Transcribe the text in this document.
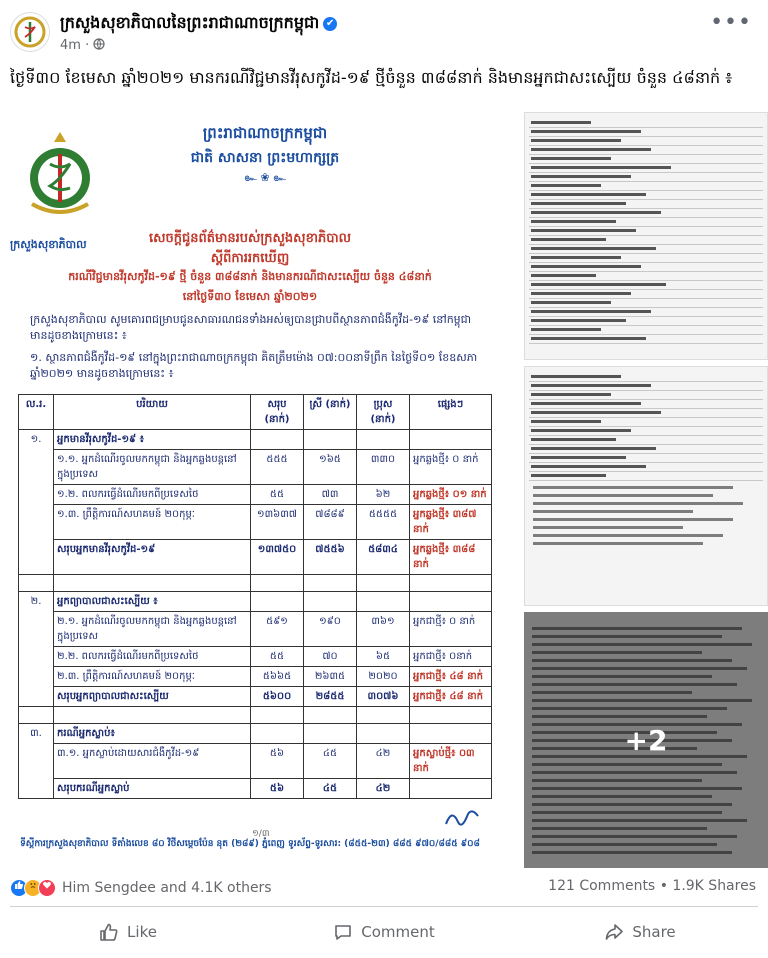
ក្រសួងសុខាភិបាលនៃព្រះរាជាណាចក្រកម្ពុជា ✔
4m ·
•••
ថ្ងៃទី៣០ ខែមេសា ឆ្នាំ២០២១ មានករណីវិជ្ជមានវីរុសកូវីដ-១៩ ថ្មីចំនួន ៣៨៨នាក់ និងមានអ្នកជាសះស្បើយ ចំនួន ៤៨នាក់ ៖
ក្រសួងសុខាភិបាល
ព្រះរាជាណាចក្រកម្ពុជា
ជាតិ សាសនា ព្រះមហាក្សត្រ
๛ ❀ ๛
សេចក្តីជូនព័ត៌មានរបស់ក្រសួងសុខាភិបាល
ស្តីពីការរកឃើញ
ករណីវិជ្ជមានវីរុសកូវីដ-១៩ ថ្មី ចំនួន ៣៨៨នាក់ និងមានករណីជាសះស្បើយ ចំនួន ៤៨នាក់
នៅថ្ងៃទី៣០ ខែមេសា ឆ្នាំ២០២១
ក្រសួងសុខាភិបាល សូមគោរពជម្រាបជូនសាធារណជនទាំងអស់ឲ្យបានជ្រាបពីស្ថានភាពជំងឺកូវីដ-១៩ នៅកម្ពុជា មានដូចខាងក្រោមនេះ ៖
១. ស្ថានភាពជំងឺកូវីដ-១៩ នៅក្នុងព្រះរាជាណាចក្រកម្ពុជា គិតត្រឹមម៉ោង ០៧:០០នាទីព្រឹក នៃថ្ងៃទី០១ ខែឧសភា ឆ្នាំ២០២១ មានដូចខាងក្រោមនេះ ៖
ល.រ.	បរិយាយ	សរុប (នាក់)	ស្រី (នាក់)	ប្រុស (នាក់)	ផ្សេងៗ
១.	អ្នកមានវីរុសកូវីដ-១៩ ៖				
	១.១. អ្នកដំណើរចូលមកកម្ពុជា និងអ្នកឆ្លងបន្តនៅក្នុងប្រទេស	៥៥៥	១៦៥	៣៣០	អ្នកឆ្លងថ្មី៖ ០ នាក់
	១.២. ពលករធ្វើដំណើរមកពីប្រទេសថៃ	៥៥	៧៣	៦២	អ្នកឆ្លងថ្មី៖ ០១ នាក់
	១.៣. ព្រឹត្តិការណ៍សហគមន៍ ២០កុម្ភៈ	១៣៦៣៧	៧៨៨៩	៥៥៥៥	អ្នកឆ្លងថ្មី៖ ៣៨៧ នាក់
	សរុបអ្នកមានវីរុសកូវីដ-១៩	១៣៧៥០	៧៥៥៦	៥៨៣៤	អ្នកឆ្លងថ្មី៖ ៣៨៨ នាក់

២.	អ្នកព្យាបាលជាសះស្បើយ ៖				
	២.១. អ្នកដំណើរចូលមកកម្ពុជា និងអ្នកឆ្លងបន្តនៅក្នុងប្រទេស	៥៩១	១៩០	៣៦១	អ្នកជាថ្មី៖ ០ នាក់
	២.២. ពលករធ្វើដំណើរមកពីប្រទេសថៃ	៥៥	៧០	៦៥	អ្នកជាថ្មី៖ ០នាក់
	២.៣. ព្រឹត្តិការណ៍សហគមន៍ ២០កុម្ភៈ	៥៦៦៥	២៦៣៥	២០២០	អ្នកជាថ្មី៖ ៤៨ នាក់
	សរុបអ្នកព្យាបាលជាសះស្បើយ	៥៦០០	២៨៥៥	៣០៧៦	អ្នកជាថ្មី៖ ៤៨ នាក់

៣.	ករណីអ្នកស្លាប់៖				
	៣.១. អ្នកស្លាប់ដោយសារជំងឺកូវីដ-១៩	៥៦	៤៥	៤២	អ្នកស្លាប់ថ្មី៖ ០៣ នាក់
	សរុបករណីអ្នកស្លាប់	៥៦	៤៥	៤២	
១/៣
ទីស្តីការក្រសួងសុខាភិបាល ទីតាំងលេខ ៨០ វិថីសម្តេចប៉ែន នុត (២៨៩) ភ្នំពេញ ទូរស័ព្ទ-ទូរសារ: (៨៥៥-២៣) ៨៨៥ ៩៧០/៨៨៥ ៩០៨
+2
Him Sengdee and 4.1K others	121 Comments • 1.9K Shares
Like	Comment	Share
